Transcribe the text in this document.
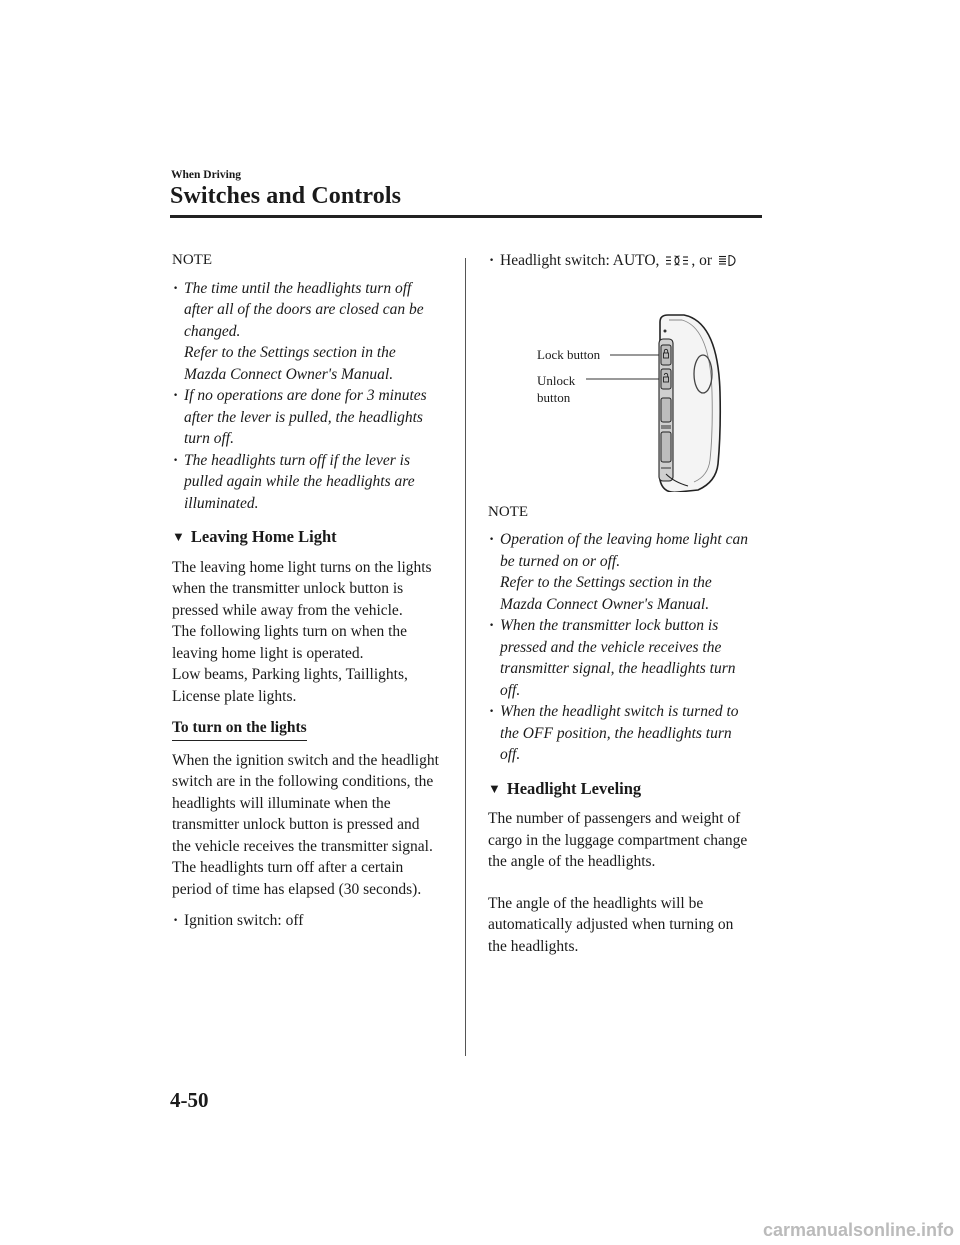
When Driving
Switches and Controls
NOTE
· The time until the headlights turn off
after all of the doors are closed can be
changed.
Refer to the Settings section in the
Mazda Connect Owner's Manual.
· If no operations are done for 3 minutes
after the lever is pulled, the headlights
turn off.
· The headlights turn off if the lever is
pulled again while the headlights are
illuminated.
▼ Leaving Home Light

The leaving home light turns on the lights
when the transmitter unlock button is
pressed while away from the vehicle.
The following lights turn on when the
leaving home light is operated.
Low beams, Parking lights, Taillights,
License plate lights.

To turn on the lights

When the ignition switch and the headlight
switch are in the following conditions, the
headlights will illuminate when the
transmitter unlock button is pressed and
the vehicle receives the transmitter signal.
The headlights turn off after a certain
period of time has elapsed (30 seconds).

· Ignition switch: off
· Headlight switch: AUTO, , or
Lock button
Unlock
button
NOTE
· Operation of the leaving home light can
be turned on or off.
Refer to the Settings section in the
Mazda Connect Owner's Manual.
· When the transmitter lock button is
pressed and the vehicle receives the
transmitter signal, the headlights turn
off.
· When the headlight switch is turned to
the OFF position, the headlights turn
off.
▼ Headlight Leveling

The number of passengers and weight of
cargo in the luggage compartment change
the angle of the headlights.

The angle of the headlights will be
automatically adjusted when turning on
the headlights.

4-50
carmanualsonline.info
